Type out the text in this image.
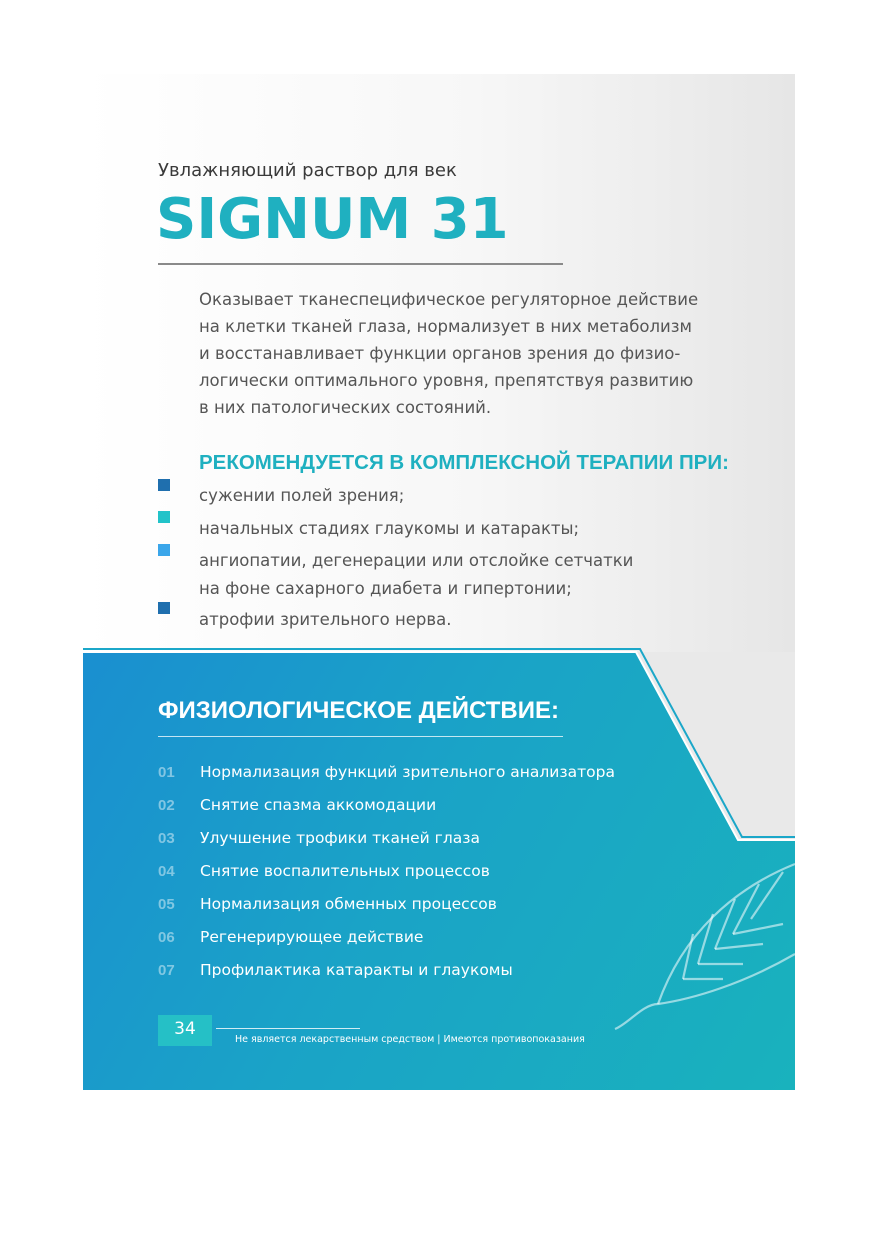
Увлажняющий раствор для век
SIGNUM 31

Оказывает тканеспецифическое регуляторное действие
на клетки тканей глаза, нормализует в них метаболизм
и восстанавливает функции органов зрения до физио-
логически оптимального уровня, препятствуя развитию
в них патологических состояний.

РЕКОМЕНДУЕТСЯ В КОМПЛЕКСНОЙ ТЕРАПИИ ПРИ:
сужении полей зрения;
начальных стадиях глаукомы и катаракты;
ангиопатии, дегенерации или отслойке сетчатки
на фоне сахарного диабета и гипертонии;
атрофии зрительного нерва.
ФИЗИОЛОГИЧЕСКОЕ ДЕЙСТВИЕ:
01 Нормализация функций зрительного анализатора
02 Снятие спазма аккомодации
03 Улучшение трофики тканей глаза
04 Снятие воспалительных процессов
05 Нормализация обменных процессов
06 Регенерирующее действие
07 Профилактика катаракты и глаукомы
34
Не является лекарственным средством | Имеются противопоказания
